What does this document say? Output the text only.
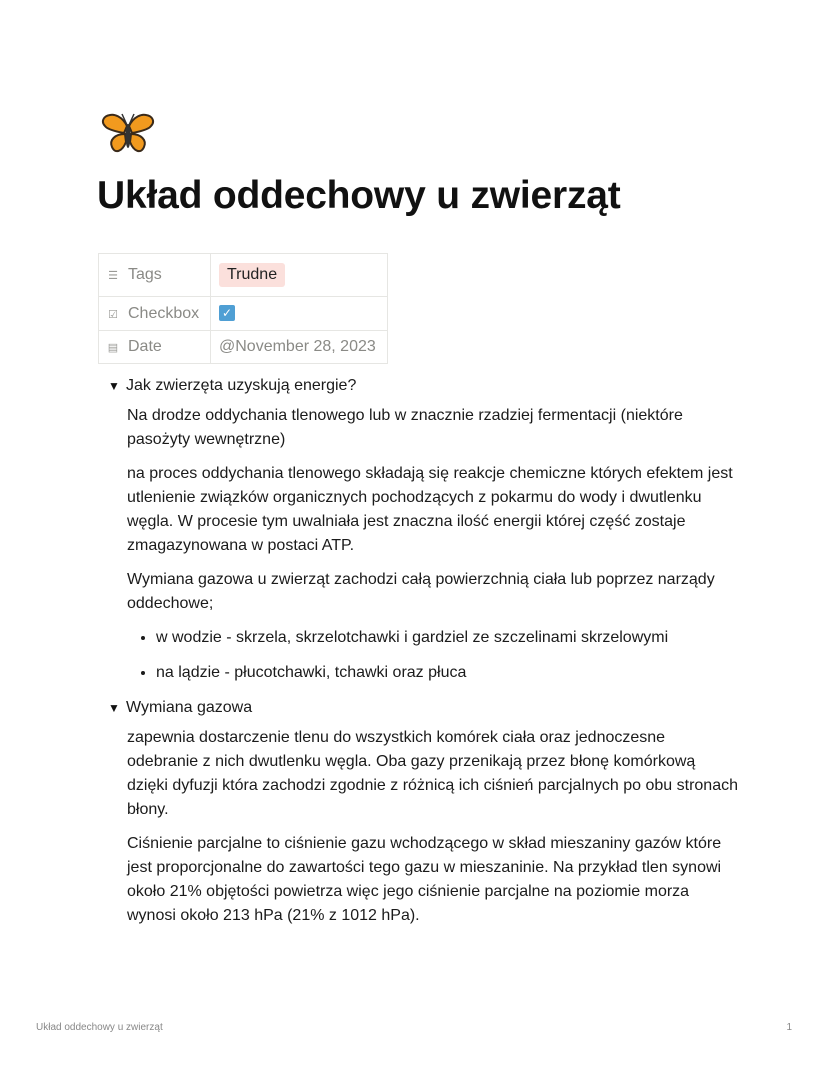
Układ oddechowy u zwierząt
☰ Tags	Trudne
☑ Checkbox	✓
▤ Date	@November 28, 2023
▼ Jak zwierzęta uzyskują energie?

Na drodze oddychania tlenowego lub w znacznie rzadziej fermentacji (niektóre pasożyty wewnętrzne)

na proces oddychania tlenowego składają się reakcje chemiczne których efektem jest utlenienie związków organicznych pochodzących z pokarmu do wody i dwutlenku węgla. W procesie tym uwalniała jest znaczna ilość energii której część zostaje zmagazynowana w postaci ATP.

Wymiana gazowa u zwierząt zachodzi całą powierzchnią ciała lub poprzez narządy oddechowe;

• w wodzie - skrzela, skrzelotchawki i gardziel ze szczelinami skrzelowymi
• na lądzie - płucotchawki, tchawki oraz płuca
▼ Wymiana gazowa

zapewnia dostarczenie tlenu do wszystkich komórek ciała oraz jednoczesne odebranie z nich dwutlenku węgla. Oba gazy przenikają przez błonę komórkową dzięki dyfuzji która zachodzi zgodnie z różnicą ich ciśnień parcjalnych po obu stronach błony.

Ciśnienie parcjalne to ciśnienie gazu wchodzącego w skład mieszaniny gazów które jest proporcjonalne do zawartości tego gazu w mieszaninie. Na przykład tlen synowi około 21% objętości powietrza więc jego ciśnienie parcjalne na poziomie morza wynosi około 213 hPa (21% z 1012 hPa).

Układ oddechowy u zwierząt	1
